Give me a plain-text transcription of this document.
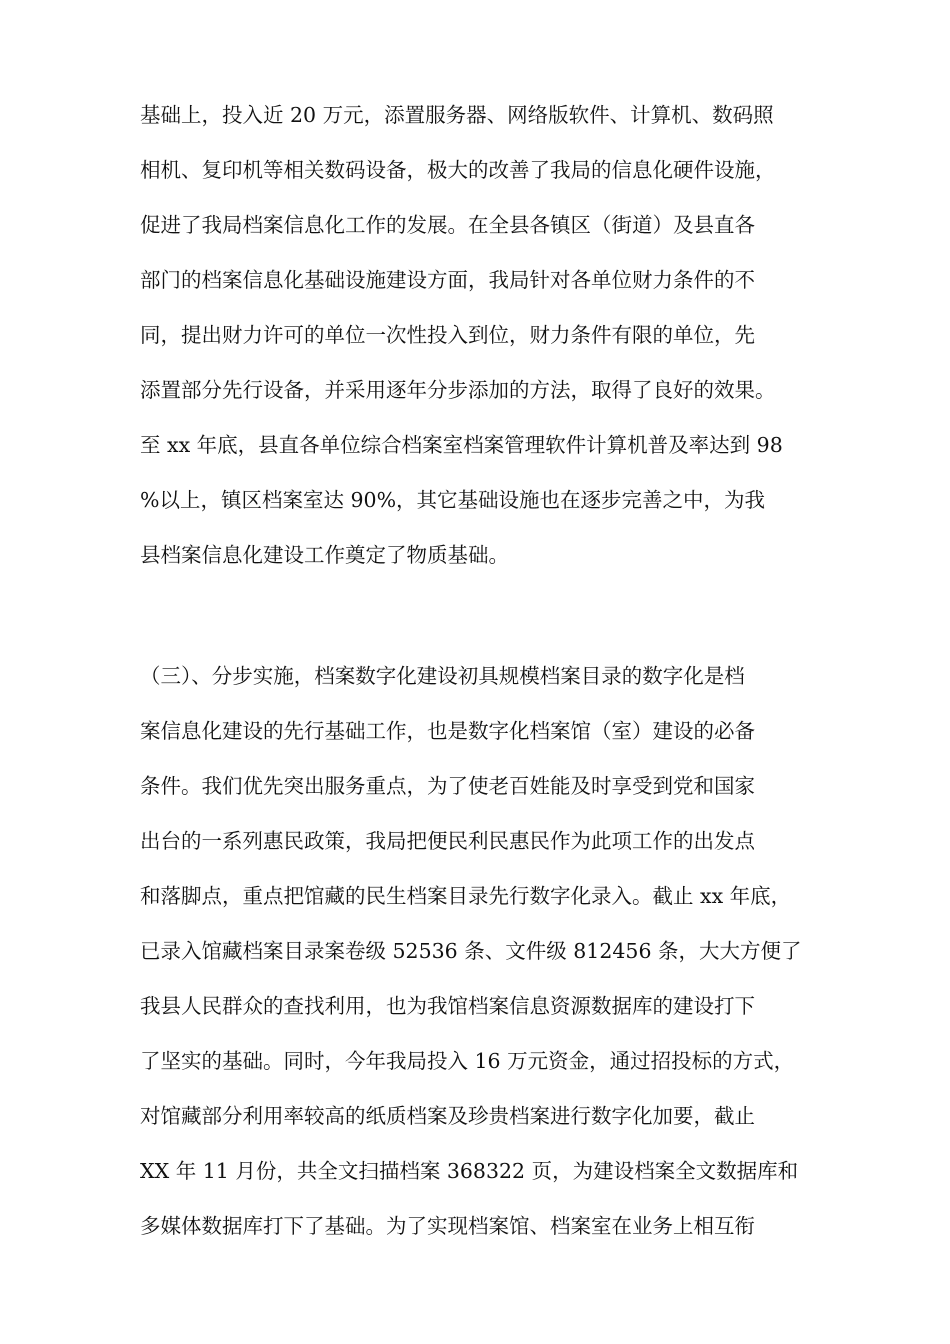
基础上，投入近 20 万元，添置服务器、网络版软件、计算机、数码照
相机、复印机等相关数码设备，极大的改善了我局的信息化硬件设施，
促进了我局档案信息化工作的发展。在全县各镇区（街道）及县直各
部门的档案信息化基础设施建设方面，我局针对各单位财力条件的不
同，提出财力许可的单位一次性投入到位，财力条件有限的单位，先
添置部分先行设备，并采用逐年分步添加的方法，取得了良好的效果。
至 xx 年底，县直各单位综合档案室档案管理软件计算机普及率达到 98
%以上，镇区档案室达 90%，其它基础设施也在逐步完善之中，为我
县档案信息化建设工作奠定了物质基础。
（三）、分步实施，档案数字化建设初具规模档案目录的数字化是档
案信息化建设的先行基础工作，也是数字化档案馆（室）建设的必备
条件。我们优先突出服务重点，为了使老百姓能及时享受到党和国家
出台的一系列惠民政策，我局把便民利民惠民作为此项工作的出发点
和落脚点，重点把馆藏的民生档案目录先行数字化录入。截止 xx 年底，
已录入馆藏档案目录案卷级 52536 条、文件级 812456 条，大大方便了
我县人民群众的查找利用，也为我馆档案信息资源数据库的建设打下
了坚实的基础。同时，今年我局投入 16 万元资金，通过招投标的方式，
对馆藏部分利用率较高的纸质档案及珍贵档案进行数字化加要，截止
XX 年 11 月份，共全文扫描档案 368322 页，为建设档案全文数据库和
多媒体数据库打下了基础。为了实现档案馆、档案室在业务上相互衔
